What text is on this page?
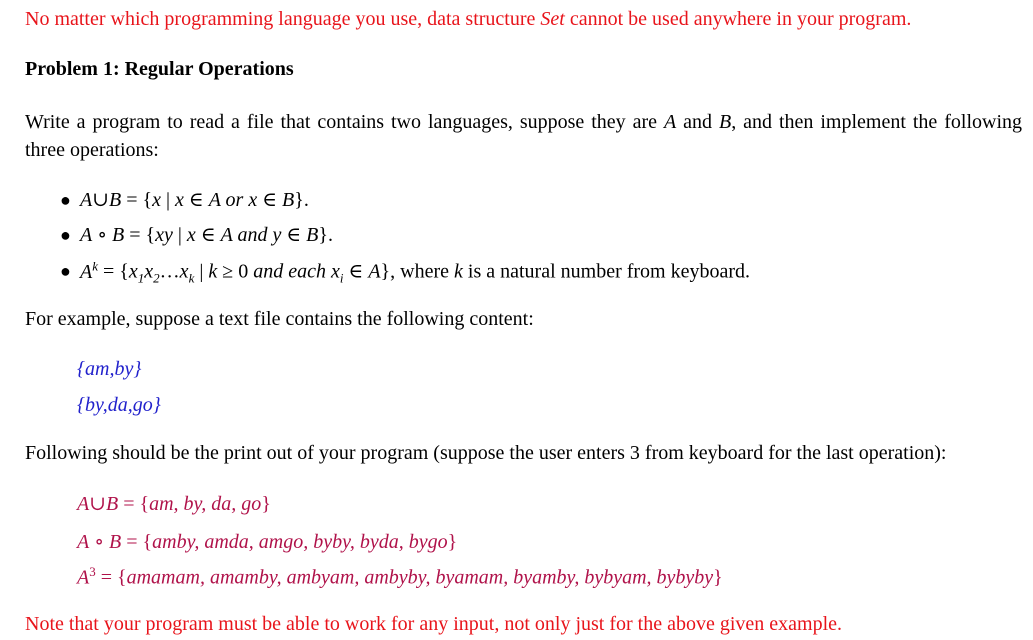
No matter which programming language you use, data structure Set cannot be used anywhere in your program.
Problem 1: Regular Operations
Write a program to read a file that contains two languages, suppose they are A and B, and then implement the following three operations:
● A∪B = {x | x ∈ A or x ∈ B}.
● A ∘ B = {xy | x ∈ A and y ∈ B}.
● $A^k$ = {$x_1x_2\dots x_k$ | k ≥ 0 and each $x_i$ ∈ A}, where k is a natural number from keyboard.
For example, suppose a text file contains the following content:
{am,by}
{by,da,go}
Following should be the print out of your program (suppose the user enters 3 from keyboard for the last operation):
A∪B = {am, by, da, go}
A ∘ B = {amby, amda, amgo, byby, byda, bygo}
$A^3$ = {amamam, amamby, ambyam, ambyby, byamam, byamby, bybyam, bybyby}
Note that your program must be able to work for any input, not only just for the above given example.
